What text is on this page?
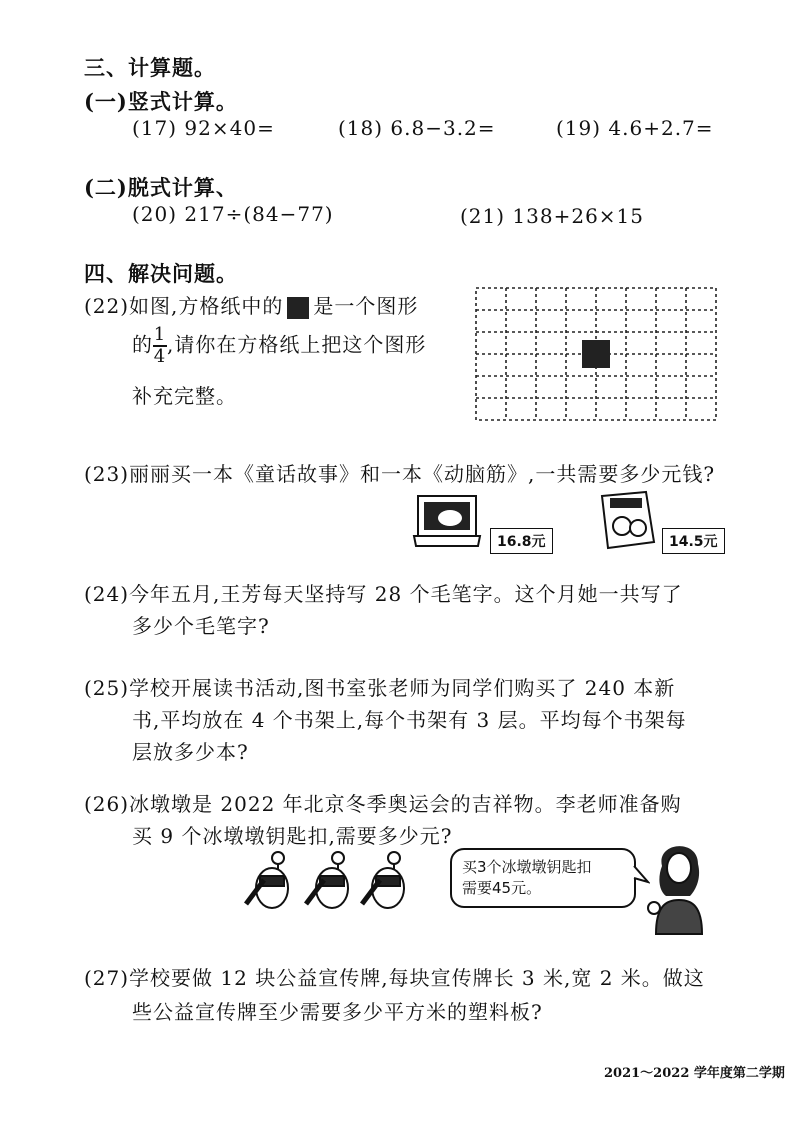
三、计算题。
(一)竖式计算。
(17) 92×40=	(18) 6.8−3.2=	(19) 4.6+2.7=
(二)脱式计算、
(20) 217÷(84−77)	(21) 138+26×15
四、解决问题。
(22)如图,方格纸中的 是一个图形
的 $\frac{1}{4}$ ,请你在方格纸上把这个图形
补充完整。
(23)丽丽买一本《童话故事》和一本《动脑筋》,一共需要多少元钱?
16.8元	14.5元
(24)今年五月,王芳每天坚持写 28 个毛笔字。这个月她一共写了
多少个毛笔字?
(25)学校开展读书活动,图书室张老师为同学们购买了 240 本新
书,平均放在 4 个书架上,每个书架有 3 层。平均每个书架每
层放多少本?
(26)冰墩墩是 2022 年北京冬季奥运会的吉祥物。李老师准备购
买 9 个冰墩墩钥匙扣,需要多少元?
买3个冰墩墩钥匙扣
需要45元。
(27)学校要做 12 块公益宣传牌,每块宣传牌长 3 米,宽 2 米。做这
些公益宣传牌至少需要多少平方米的塑料板?
2021～2022 学年度第二学期
